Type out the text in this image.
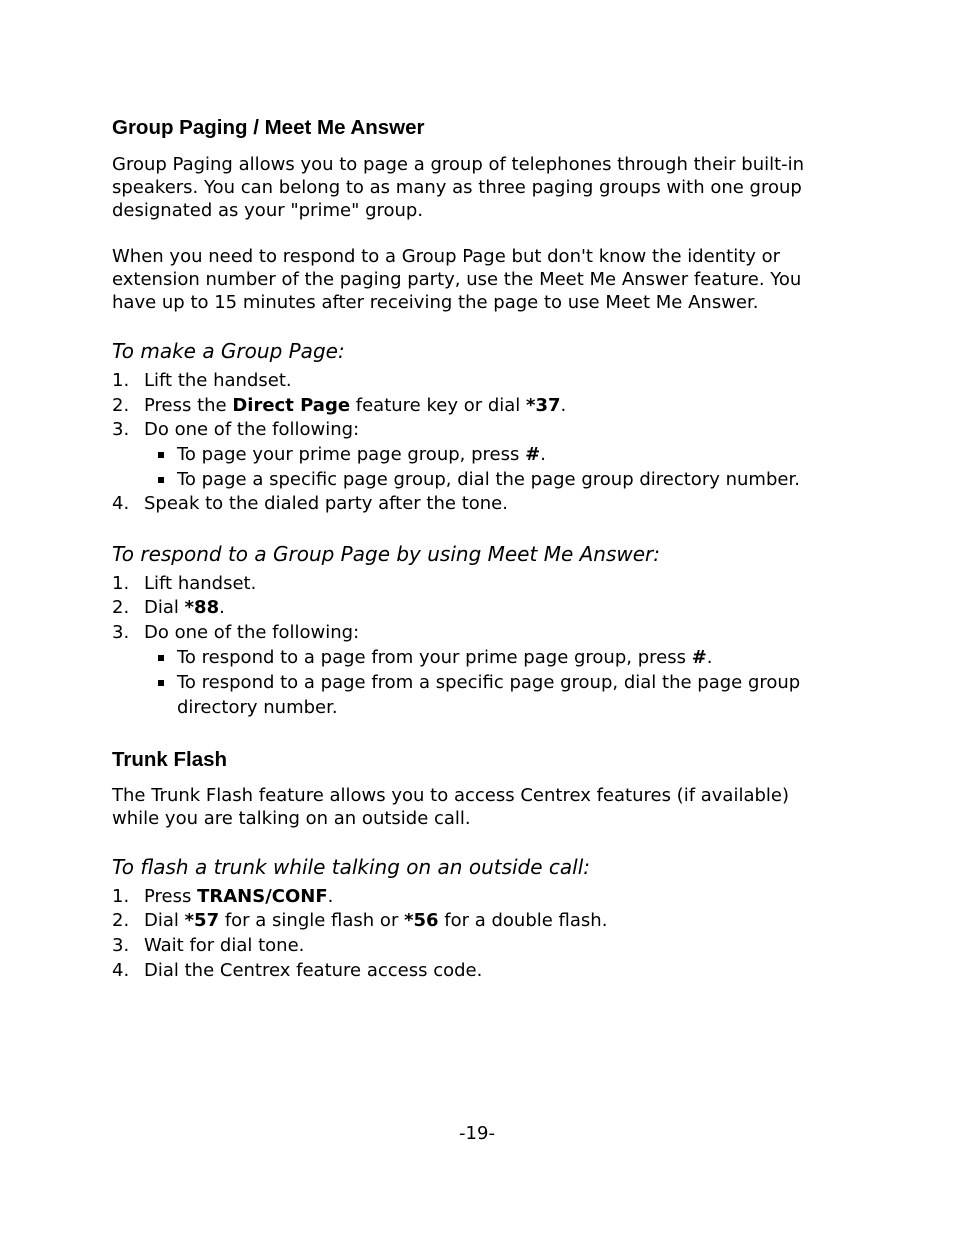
Group Paging / Meet Me Answer
Group Paging allows you to page a group of telephones through their built-in
speakers. You can belong to as many as three paging groups with one group
designated as your "prime" group.
When you need to respond to a Group Page but don't know the identity or
extension number of the paging party, use the Meet Me Answer feature. You
have up to 15 minutes after receiving the page to use Meet Me Answer.
To make a Group Page:
1. Lift the handset.
2. Press the Direct Page feature key or dial *37.
3. Do one of the following:
To page your prime page group, press #.
To page a specific page group, dial the page group directory number.
4. Speak to the dialed party after the tone.
To respond to a Group Page by using Meet Me Answer:
1. Lift handset.
2. Dial *88.
3. Do one of the following:
To respond to a page from your prime page group, press #.
To respond to a page from a specific page group, dial the page group
directory number.
Trunk Flash
The Trunk Flash feature allows you to access Centrex features (if available)
while you are talking on an outside call.
To flash a trunk while talking on an outside call:
1. Press TRANS/CONF.
2. Dial *57 for a single flash or *56 for a double flash.
3. Wait for dial tone.
4. Dial the Centrex feature access code.
-19-
